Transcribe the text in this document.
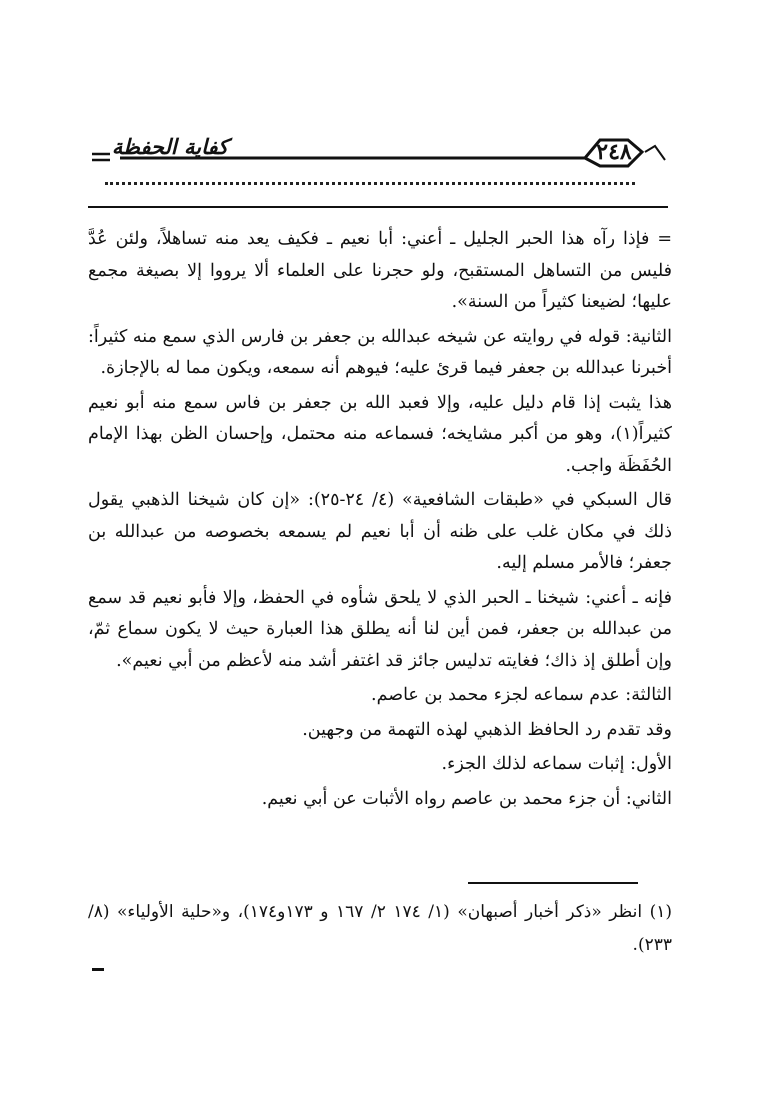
٢٤٨
كفاية الحفظة

= فإذا رآه هذا الحبر الجليل ـ أعني: أبا نعيم ـ فكيف يعد منه تساهلاً، ولئن عُدَّ فليس من التساهل المستقبح، ولو حجرنا على العلماء ألا يرووا إلا بصيغة مجمع عليها؛ لضيعنا كثيراً من السنة».

الثانية: قوله في روايته عن شيخه عبدالله بن جعفر بن فارس الذي سمع منه كثيراً: أخبرنا عبدالله بن جعفر فيما قرئ عليه؛ فيوهم أنه سمعه، ويكون مما له بالإجازة.

هذا يثبت إذا قام دليل عليه، وإلا فعبد الله بن جعفر بن فاس سمع منه أبو نعيم كثيراً(١)، وهو من أكبر مشايخه؛ فسماعه منه محتمل، وإحسان الظن بهذا الإمام الحُفَظَة واجب.

قال السبكي في «طبقات الشافعية» (٤/ ٢٤-٢٥): «إن كان شيخنا الذهبي يقول ذلك في مكان غلب على ظنه أن أبا نعيم لم يسمعه بخصوصه من عبدالله بن جعفر؛ فالأمر مسلم إليه.

فإنه ـ أعني: شيخنا ـ الحبر الذي لا يلحق شأوه في الحفظ، وإلا فأبو نعيم قد سمع من عبدالله بن جعفر، فمن أين لنا أنه يطلق هذا العبارة حيث لا يكون سماع ثمّ، وإن أطلق إذ ذاك؛ فغايته تدليس جائز قد اغتفر أشد منه لأعظم من أبي نعيم».

الثالثة: عدم سماعه لجزء محمد بن عاصم.

وقد تقدم رد الحافظ الذهبي لهذه التهمة من وجهين.

الأول: إثبات سماعه لذلك الجزء.

الثاني: أن جزء محمد بن عاصم رواه الأثبات عن أبي نعيم.

(١) انظر «ذكر أخبار أصبهان» (١/ ١٧٤ ٢/ ١٦٧ و ١٧٣و١٧٤)، و«حلية الأولياء» (٨/ ٢٣٣).
